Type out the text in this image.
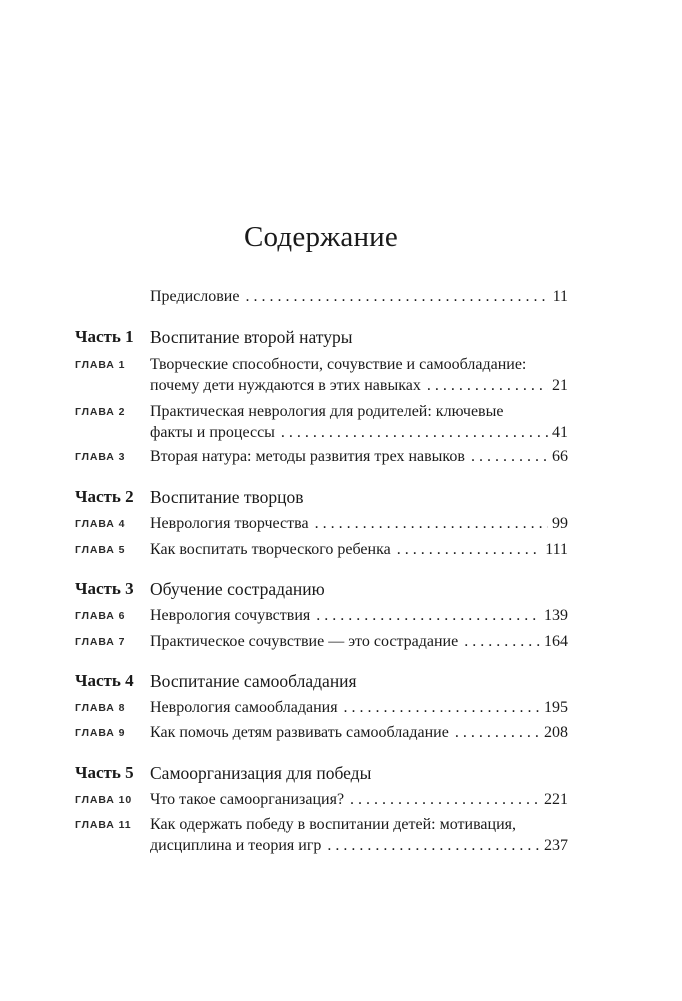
Содержание
Предисловие . . .	11
Часть 1 Воспитание второй натуры
ГЛАВА 1 Творческие способности, сочувствие и самообладание:
почему дети нуждаются в этих навыках . . .	21
ГЛАВА 2 Практическая неврология для родителей: ключевые
факты и процессы . . .	41
ГЛАВА 3 Вторая натура: методы развития трех навыков . . .	66
Часть 2 Воспитание творцов
ГЛАВА 4 Неврология творчества . . .	99
ГЛАВА 5 Как воспитать творческого ребенка . . .	111
Часть 3 Обучение состраданию
ГЛАВА 6 Неврология сочувствия . . .	139
ГЛАВА 7 Практическое сочувствие — это сострадание . . .	164
Часть 4 Воспитание самообладания
ГЛАВА 8 Неврология самообладания . . .	195
ГЛАВА 9 Как помочь детям развивать самообладание . . .	208
Часть 5 Самоорганизация для победы
ГЛАВА 10 Что такое самоорганизация? . . .	221
ГЛАВА 11 Как одержать победу в воспитании детей: мотивация,
дисциплина и теория игр . . .	237
